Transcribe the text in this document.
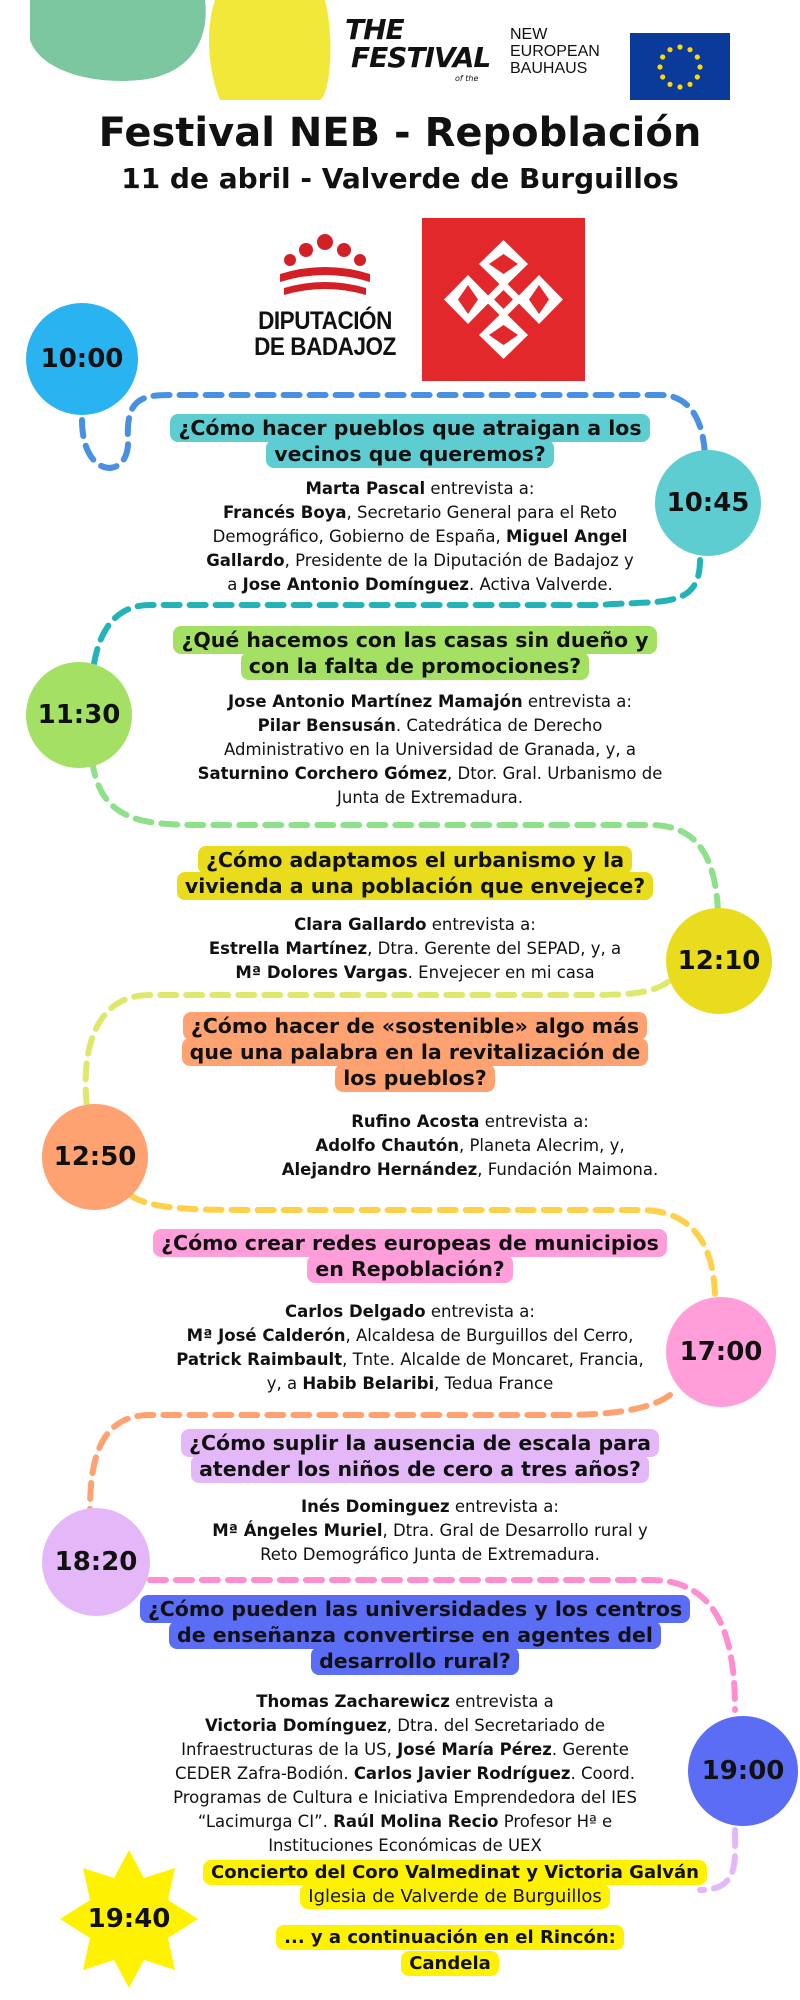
THE
FESTIVAL
of the
NEW
EUROPEAN
BAUHAUS
Festival NEB - Repoblación
11 de abril - Valverde de Burguillos
DIPUTACIÓN
DE BADAJOZ
10:00
10:45
11:30
12:10
12:50
17:00
18:20
19:00
19:40
¿Cómo hacer pueblos que atraigan a los
vecinos que queremos?
Marta Pascal entrevista a:
Francés Boya, Secretario General para el Reto
Demográfico, Gobierno de España, Miguel Angel
Gallardo, Presidente de la Diputación de Badajoz y
a Jose Antonio Domínguez. Activa Valverde.
¿Qué hacemos con las casas sin dueño y
con la falta de promociones?
Jose Antonio Martínez Mamajón entrevista a:
Pilar Bensusán. Catedrática de Derecho
Administrativo en la Universidad de Granada, y, a
Saturnino Corchero Gómez, Dtor. Gral. Urbanismo de
Junta de Extremadura.
¿Cómo adaptamos el urbanismo y la
vivienda a una población que envejece?
Clara Gallardo entrevista a:
Estrella Martínez, Dtra. Gerente del SEPAD, y, a
Mª Dolores Vargas. Envejecer en mi casa
¿Cómo hacer de «sostenible» algo más
que una palabra en la revitalización de
los pueblos?
Rufino Acosta entrevista a:
Adolfo Chautón, Planeta Alecrim, y,
Alejandro Hernández, Fundación Maimona.
¿Cómo crear redes europeas de municipios
en Repoblación?
Carlos Delgado entrevista a:
Mª José Calderón, Alcaldesa de Burguillos del Cerro,
Patrick Raimbault, Tnte. Alcalde de Moncaret, Francia,
y, a Habib Belaribi, Tedua France
¿Cómo suplir la ausencia de escala para
atender los niños de cero a tres años?
Inés Dominguez entrevista a:
Mª Ángeles Muriel, Dtra. Gral de Desarrollo rural y
Reto Demográfico Junta de Extremadura.
¿Cómo pueden las universidades y los centros
de enseñanza convertirse en agentes del
desarrollo rural?
Thomas Zacharewicz entrevista a
Victoria Domínguez, Dtra. del Secretariado de
Infraestructuras de la US, José María Pérez. Gerente
CEDER Zafra-Bodión. Carlos Javier Rodríguez. Coord.
Programas de Cultura e Iniciativa Emprendedora del IES
“Lacimurga CI”. Raúl Molina Recio Profesor Hª e
Instituciones Económicas de UEX
Concierto del Coro Valmedinat y Victoria Galván
Iglesia de Valverde de Burguillos
... y a continuación en el Rincón:
Candela
